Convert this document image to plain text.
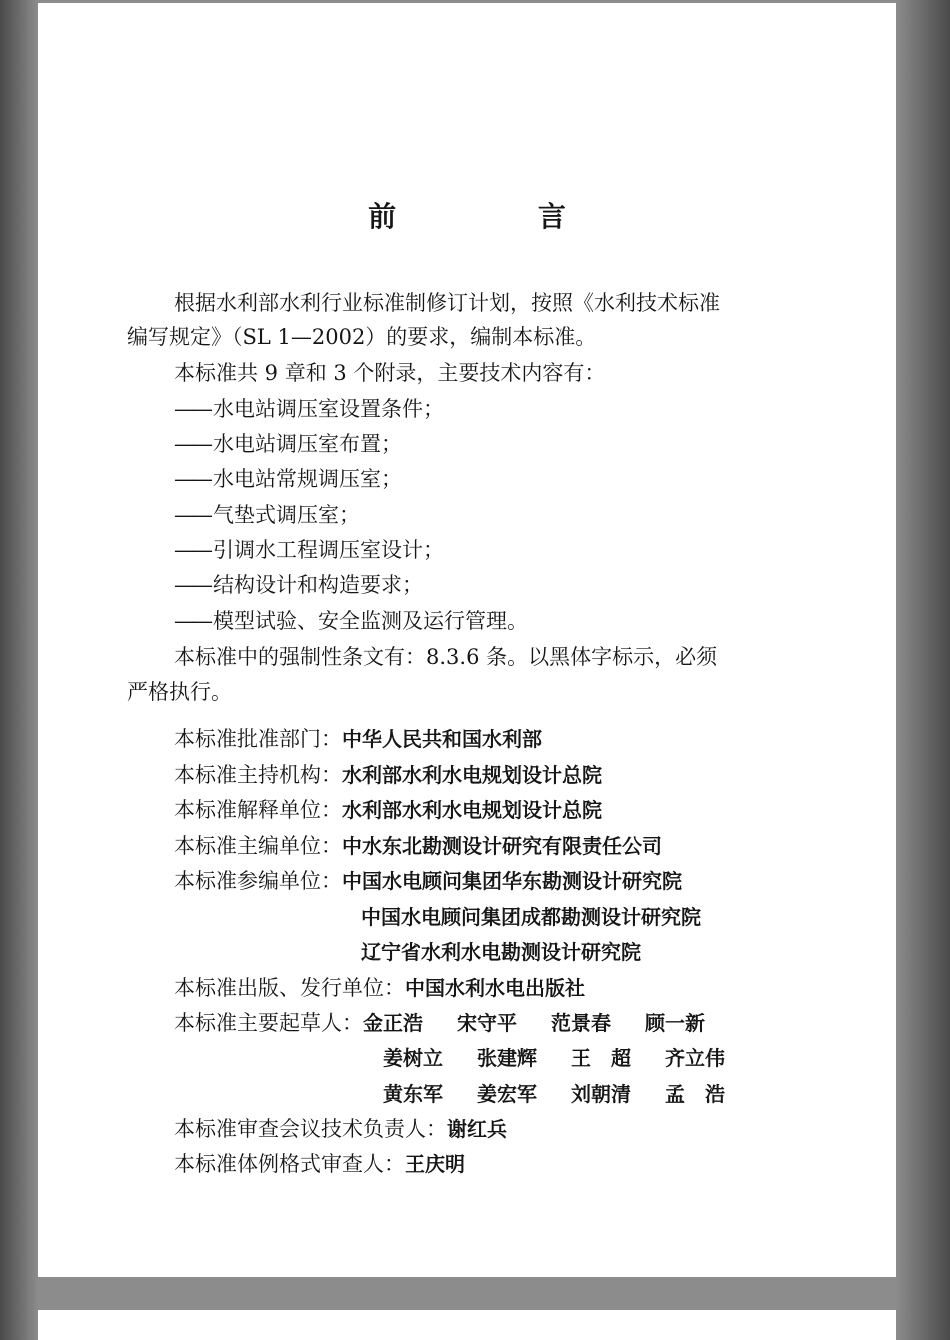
前 言
根据水利部水利行业标准制修订计划，按照《水利技术标准
编写规定》（SL 1—2002）的要求，编制本标准。
本标准共 9 章和 3 个附录，主要技术内容有：
—— 水电站调压室设置条件；
—— 水电站调压室布置；
—— 水电站常规调压室；
—— 气垫式调压室；
—— 引调水工程调压室设计；
—— 结构设计和构造要求；
—— 模型试验、安全监测及运行管理。
本标准中的强制性条文有：8.3.6 条。以黑体字标示，必须
严格执行。
本标准批准部门：中华人民共和国水利部
本标准主持机构：水利部水利水电规划设计总院
本标准解释单位：水利部水利水电规划设计总院
本标准主编单位：中水东北勘测设计研究有限责任公司
本标准参编单位：中国水电顾问集团华东勘测设计研究院
中国水电顾问集团成都勘测设计研究院
辽宁省水利水电勘测设计研究院
本标准出版、发行单位：中国水利水电出版社
本标准主要起草人：金正浩 宋守平 范景春 顾一新
姜树立 张建辉 王　超 齐立伟
黄东军 姜宏军 刘朝清 孟　浩
本标准审查会议技术负责人：谢红兵
本标准体例格式审查人：王庆明
